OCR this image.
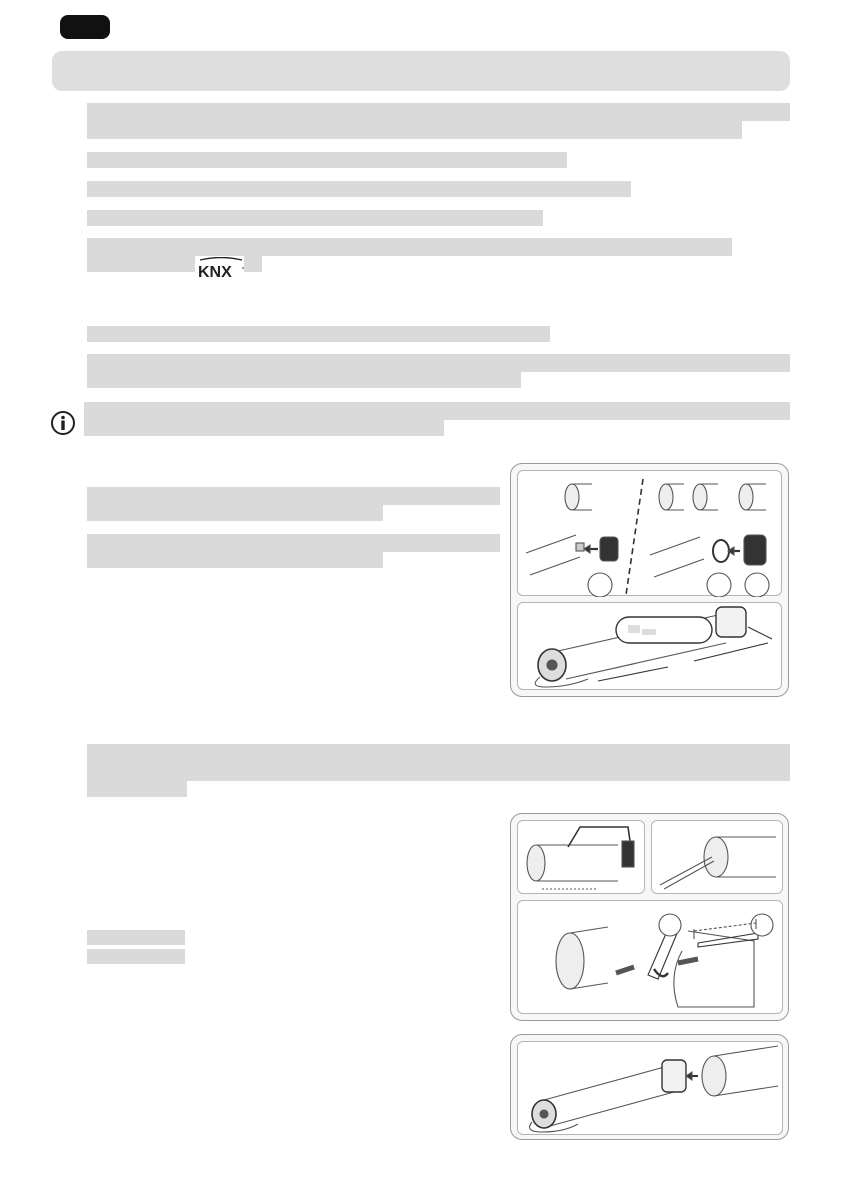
KNX
